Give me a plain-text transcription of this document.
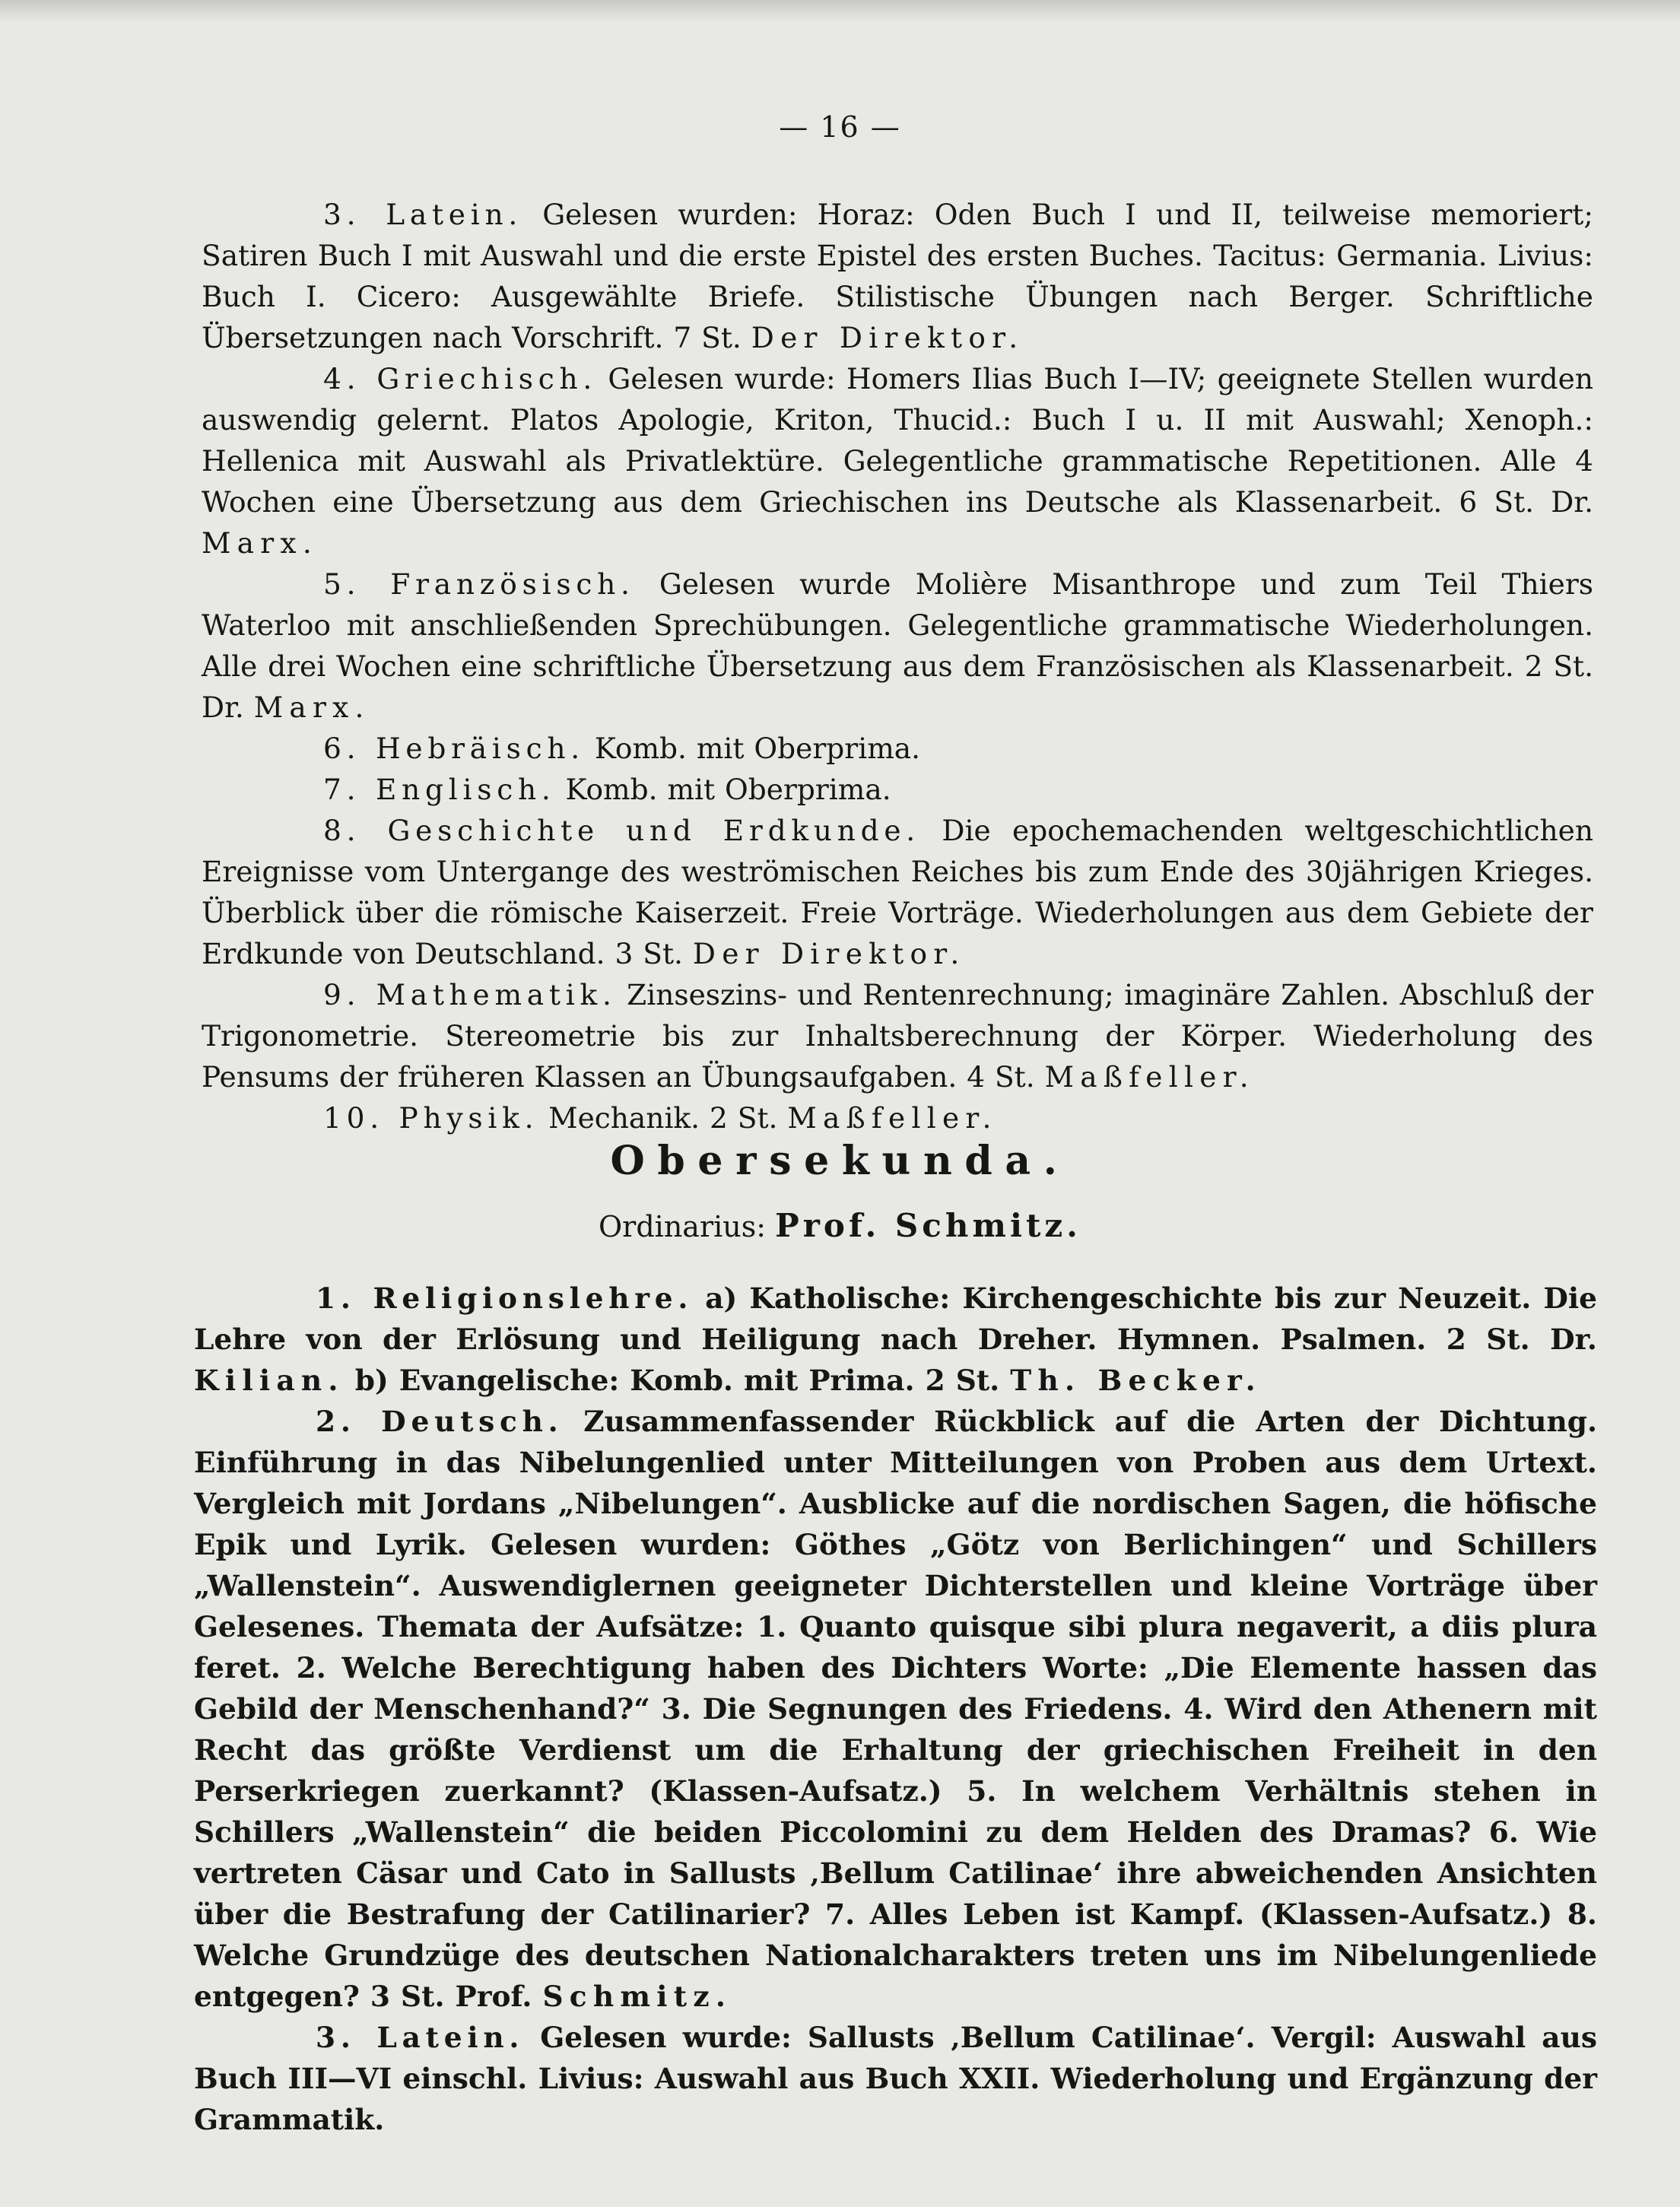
— 16 —

3. Latein. Gelesen wurden: Horaz: Oden Buch I und II, teilweise memoriert; Satiren Buch I mit Auswahl und die erste Epistel des ersten Buches. Tacitus: Germania. Livius: Buch I. Cicero: Ausgewählte Briefe. Stilistische Übungen nach Berger. Schriftliche Übersetzungen nach Vorschrift. 7 St. Der Direktor.

4. Griechisch. Gelesen wurde: Homers Ilias Buch I—IV; geeignete Stellen wurden auswendig gelernt. Platos Apologie, Kriton, Thucid.: Buch I u. II mit Auswahl; Xenoph.: Hellenica mit Auswahl als Privatlektüre. Gelegentliche grammatische Repetitionen. Alle 4 Wochen eine Übersetzung aus dem Griechischen ins Deutsche als Klassenarbeit. 6 St. Dr. Marx.

5. Französisch. Gelesen wurde Molière Misanthrope und zum Teil Thiers Waterloo mit anschließenden Sprechübungen. Gelegentliche grammatische Wiederholungen. Alle drei Wochen eine schriftliche Übersetzung aus dem Französischen als Klassenarbeit. 2 St. Dr. Marx.

6. Hebräisch. Komb. mit Oberprima.

7. Englisch. Komb. mit Oberprima.

8. Geschichte und Erdkunde. Die epochemachenden weltgeschichtlichen Ereignisse vom Untergange des weströmischen Reiches bis zum Ende des 30jährigen Krieges. Überblick über die römische Kaiserzeit. Freie Vorträge. Wiederholungen aus dem Gebiete der Erdkunde von Deutschland. 3 St. Der Direktor.

9. Mathematik. Zinseszins- und Rentenrechnung; imaginäre Zahlen. Abschluß der Trigonometrie. Stereometrie bis zur Inhaltsberechnung der Körper. Wiederholung des Pensums der früheren Klassen an Übungsaufgaben. 4 St. Maßfeller.

10. Physik. Mechanik. 2 St. Maßfeller.

Obersekunda.
Ordinarius: Prof. Schmitz.

1. Religionslehre. a) Katholische: Kirchengeschichte bis zur Neuzeit. Die Lehre von der Erlösung und Heiligung nach Dreher. Hymnen. Psalmen. 2 St. Dr. Kilian. b) Evangelische: Komb. mit Prima. 2 St. Th. Becker.

2. Deutsch. Zusammenfassender Rückblick auf die Arten der Dichtung. Einführung in das Nibelungenlied unter Mitteilungen von Proben aus dem Urtext. Vergleich mit Jordans „Nibelungen“. Ausblicke auf die nordischen Sagen, die höfische Epik und Lyrik. Gelesen wurden: Göthes „Götz von Berlichingen“ und Schillers „Wallenstein“. Auswendiglernen geeigneter Dichterstellen und kleine Vorträge über Gelesenes. Themata der Aufsätze: 1. Quanto quisque sibi plura negaverit, a diis plura feret. 2. Welche Berechtigung haben des Dichters Worte: „Die Elemente hassen das Gebild der Menschenhand?“ 3. Die Segnungen des Friedens. 4. Wird den Athenern mit Recht das größte Verdienst um die Erhaltung der griechischen Freiheit in den Perserkriegen zuerkannt? (Klassen-Aufsatz.) 5. In welchem Verhältnis stehen in Schillers „Wallenstein“ die beiden Piccolomini zu dem Helden des Dramas? 6. Wie vertreten Cäsar und Cato in Sallusts ‚Bellum Catilinae‘ ihre abweichenden Ansichten über die Bestrafung der Catilinarier? 7. Alles Leben ist Kampf. (Klassen-Aufsatz.) 8. Welche Grundzüge des deutschen Nationalcharakters treten uns im Nibelungenliede entgegen? 3 St. Prof. Schmitz.

3. Latein. Gelesen wurde: Sallusts ‚Bellum Catilinae‘. Vergil: Auswahl aus Buch III—VI einschl. Livius: Auswahl aus Buch XXII. Wiederholung und Ergänzung der Grammatik.
